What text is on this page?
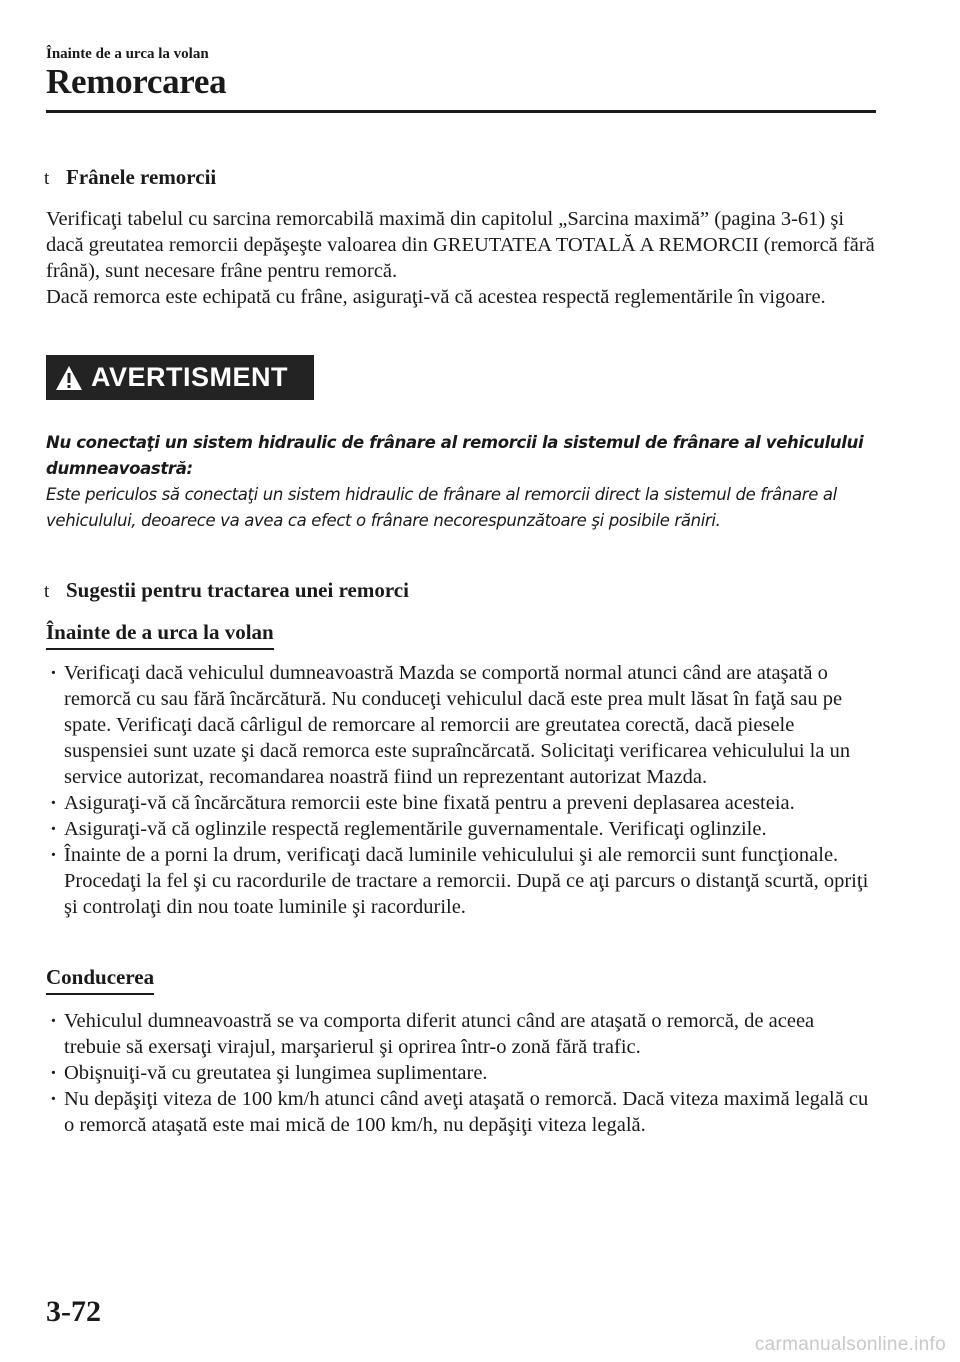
Înainte de a urca la volan
Remorcarea
t Frânele remorcii

Verificaţi tabelul cu sarcina remorcabilă maximă din capitolul „Sarcina maximă” (pagina 3-61) şi dacă greutatea remorcii depăşeşte valoarea din GREUTATEA TOTALĂ A REMORCII (remorcă fără frână), sunt necesare frâne pentru remorcă.

Dacă remorca este echipată cu frâne, asiguraţi-vă că acestea respectă reglementările în vigoare.

AVERTISMENT

Nu conectaţi un sistem hidraulic de frânare al remorcii la sistemul de frânare al vehiculului dumneavoastră:

Este periculos să conectaţi un sistem hidraulic de frânare al remorcii direct la sistemul de frânare al vehiculului, deoarece va avea ca efect o frânare necorespunzătoare şi posibile răniri.

t Sugestii pentru tractarea unei remorci
Înainte de a urca la volan
· Verificaţi dacă vehiculul dumneavoastră Mazda se comportă normal atunci când are ataşată o remorcă cu sau fără încărcătură. Nu conduceţi vehiculul dacă este prea mult lăsat în faţă sau pe spate. Verificaţi dacă cârligul de remorcare al remorcii are greutatea corectă, dacă piesele suspensiei sunt uzate şi dacă remorca este supraîncărcată. Solicitaţi verificarea vehiculului la un service autorizat, recomandarea noastră fiind un reprezentant autorizat Mazda.
· Asiguraţi-vă că încărcătura remorcii este bine fixată pentru a preveni deplasarea acesteia.
· Asiguraţi-vă că oglinzile respectă reglementările guvernamentale. Verificaţi oglinzile.
· Înainte de a porni la drum, verificaţi dacă luminile vehiculului şi ale remorcii sunt funcţionale. Procedaţi la fel şi cu racordurile de tractare a remorcii. După ce aţi parcurs o distanţă scurtă, opriţi şi controlaţi din nou toate luminile şi racordurile.
Conducerea
· Vehiculul dumneavoastră se va comporta diferit atunci când are ataşată o remorcă, de aceea trebuie să exersaţi virajul, marşarierul şi oprirea într-o zonă fără trafic.
· Obişnuiţi-vă cu greutatea şi lungimea suplimentare.
· Nu depăşiţi viteza de 100 km/h atunci când aveţi ataşată o remorcă. Dacă viteza maximă legală cu o remorcă ataşată este mai mică de 100 km/h, nu depăşiţi viteza legală.
3-72
carmanualsonline.info
